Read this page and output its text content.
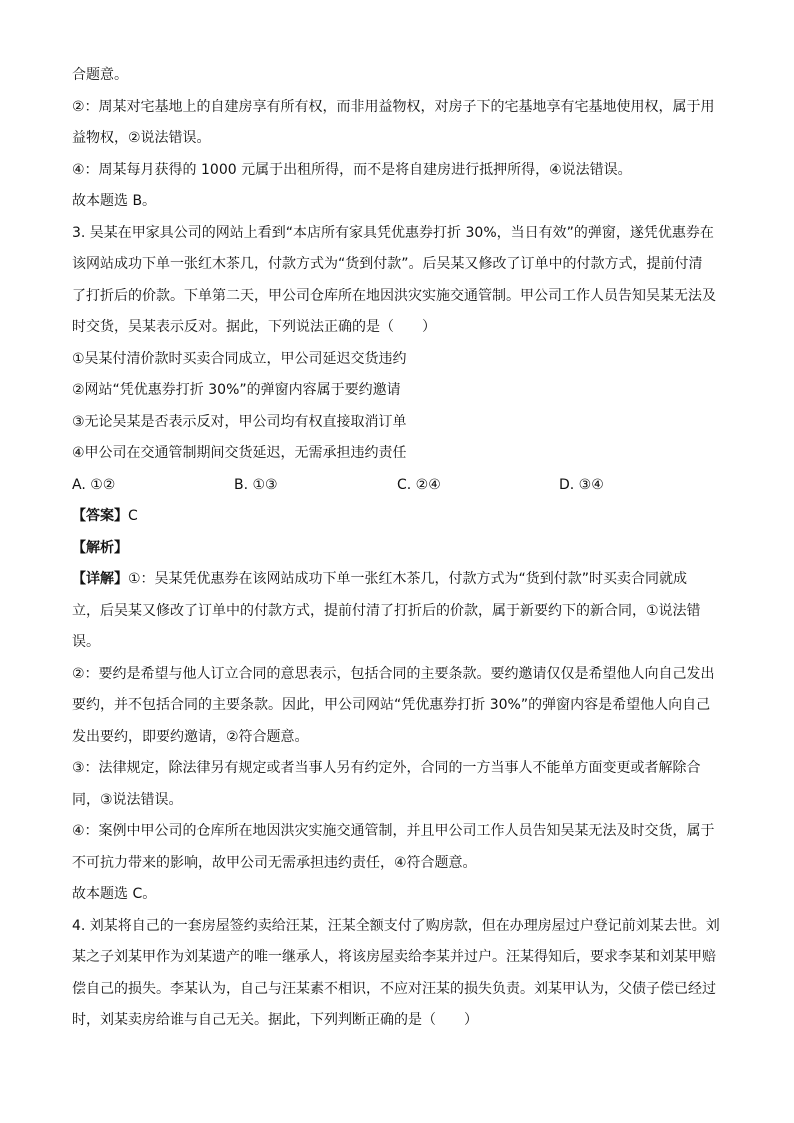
合题意。
②：周某对宅基地上的自建房享有所有权，而非用益物权，对房子下的宅基地享有宅基地使用权，属于用
益物权，②说法错误。
④：周某每月获得的 1000 元属于出租所得，而不是将自建房进行抵押所得，④说法错误。
故本题选 B。
3. 吴某在甲家具公司的网站上看到“本店所有家具凭优惠券打折 30%，当日有效”的弹窗，遂凭优惠券在
该网站成功下单一张红木茶几，付款方式为“货到付款”。后吴某又修改了订单中的付款方式，提前付清
了打折后的价款。下单第二天，甲公司仓库所在地因洪灾实施交通管制。甲公司工作人员告知吴某无法及
时交货，吴某表示反对。据此，下列说法正确的是（　　）
①吴某付清价款时买卖合同成立，甲公司延迟交货违约
②网站“凭优惠券打折 30%”的弹窗内容属于要约邀请
③无论吴某是否表示反对，甲公司均有权直接取消订单
④甲公司在交通管制期间交货延迟，无需承担违约责任
A. ①②	B. ①③	C. ②④	D. ③④
【答案】C
【解析】
【详解】①：吴某凭优惠券在该网站成功下单一张红木茶几，付款方式为“货到付款”时买卖合同就成
立，后吴某又修改了订单中的付款方式，提前付清了打折后的价款，属于新要约下的新合同，①说法错
误。
②：要约是希望与他人订立合同的意思表示，包括合同的主要条款。要约邀请仅仅是希望他人向自己发出
要约，并不包括合同的主要条款。因此，甲公司网站“凭优惠券打折 30%”的弹窗内容是希望他人向自己
发出要约，即要约邀请，②符合题意。
③：法律规定，除法律另有规定或者当事人另有约定外，合同的一方当事人不能单方面变更或者解除合
同，③说法错误。
④：案例中甲公司的仓库所在地因洪灾实施交通管制，并且甲公司工作人员告知吴某无法及时交货，属于
不可抗力带来的影响，故甲公司无需承担违约责任，④符合题意。
故本题选 C。
4. 刘某将自己的一套房屋签约卖给汪某，汪某全额支付了购房款，但在办理房屋过户登记前刘某去世。刘
某之子刘某甲作为刘某遗产的唯一继承人，将该房屋卖给李某并过户。汪某得知后，要求李某和刘某甲赔
偿自己的损失。李某认为，自己与汪某素不相识，不应对汪某的损失负责。刘某甲认为，父债子偿已经过
时，刘某卖房给谁与自己无关。据此，下列判断正确的是（　　）
